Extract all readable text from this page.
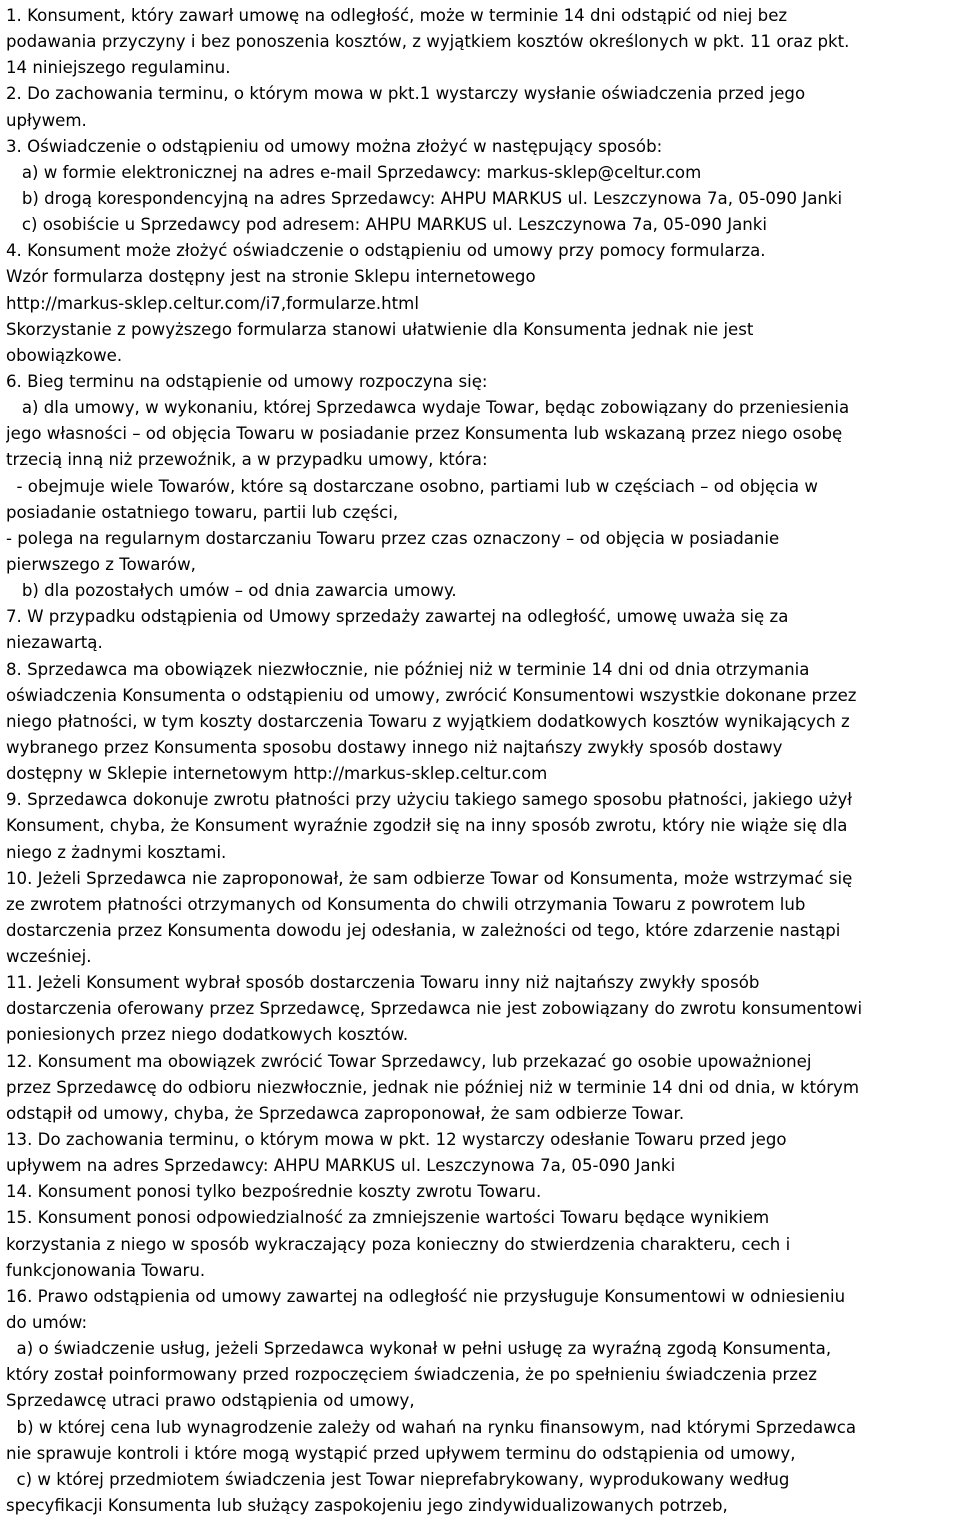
1. Konsument, który zawarł umowę na odległość, może w terminie 14 dni odstąpić od niej bez
podawania przyczyny i bez ponoszenia kosztów, z wyjątkiem kosztów określonych w pkt. 11 oraz pkt.
14 niniejszego regulaminu.
2. Do zachowania terminu, o którym mowa w pkt.1 wystarczy wysłanie oświadczenia przed jego
upływem.
3. Oświadczenie o odstąpieniu od umowy można złożyć w następujący sposób:
a) w formie elektronicznej na adres e-mail Sprzedawcy: markus-sklep@celtur.com
b) drogą korespondencyjną na adres Sprzedawcy: AHPU MARKUS ul. Leszczynowa 7a, 05-090 Janki
c) osobiście u Sprzedawcy pod adresem: AHPU MARKUS ul. Leszczynowa 7a, 05-090 Janki
4. Konsument może złożyć oświadczenie o odstąpieniu od umowy przy pomocy formularza.
Wzór formularza dostępny jest na stronie Sklepu internetowego
http://markus-sklep.celtur.com/i7,formularze.html
Skorzystanie z powyższego formularza stanowi ułatwienie dla Konsumenta jednak nie jest
obowiązkowe.
6. Bieg terminu na odstąpienie od umowy rozpoczyna się:
a) dla umowy, w wykonaniu, której Sprzedawca wydaje Towar, będąc zobowiązany do przeniesienia
jego własności – od objęcia Towaru w posiadanie przez Konsumenta lub wskazaną przez niego osobę
trzecią inną niż przewoźnik, a w przypadku umowy, która:
- obejmuje wiele Towarów, które są dostarczane osobno, partiami lub w częściach – od objęcia w
posiadanie ostatniego towaru, partii lub części,
- polega na regularnym dostarczaniu Towaru przez czas oznaczony – od objęcia w posiadanie
pierwszego z Towarów,
b) dla pozostałych umów – od dnia zawarcia umowy.
7. W przypadku odstąpienia od Umowy sprzedaży zawartej na odległość, umowę uważa się za
niezawartą.
8. Sprzedawca ma obowiązek niezwłocznie, nie później niż w terminie 14 dni od dnia otrzymania
oświadczenia Konsumenta o odstąpieniu od umowy, zwrócić Konsumentowi wszystkie dokonane przez
niego płatności, w tym koszty dostarczenia Towaru z wyjątkiem dodatkowych kosztów wynikających z
wybranego przez Konsumenta sposobu dostawy innego niż najtańszy zwykły sposób dostawy
dostępny w Sklepie internetowym http://markus-sklep.celtur.com
9. Sprzedawca dokonuje zwrotu płatności przy użyciu takiego samego sposobu płatności, jakiego użył
Konsument, chyba, że Konsument wyraźnie zgodził się na inny sposób zwrotu, który nie wiąże się dla
niego z żadnymi kosztami.
10. Jeżeli Sprzedawca nie zaproponował, że sam odbierze Towar od Konsumenta, może wstrzymać się
ze zwrotem płatności otrzymanych od Konsumenta do chwili otrzymania Towaru z powrotem lub
dostarczenia przez Konsumenta dowodu jej odesłania, w zależności od tego, które zdarzenie nastąpi
wcześniej.
11. Jeżeli Konsument wybrał sposób dostarczenia Towaru inny niż najtańszy zwykły sposób
dostarczenia oferowany przez Sprzedawcę, Sprzedawca nie jest zobowiązany do zwrotu konsumentowi
poniesionych przez niego dodatkowych kosztów.
12. Konsument ma obowiązek zwrócić Towar Sprzedawcy, lub przekazać go osobie upoważnionej
przez Sprzedawcę do odbioru niezwłocznie, jednak nie później niż w terminie 14 dni od dnia, w którym
odstąpił od umowy, chyba, że Sprzedawca zaproponował, że sam odbierze Towar.
13. Do zachowania terminu, o którym mowa w pkt. 12 wystarczy odesłanie Towaru przed jego
upływem na adres Sprzedawcy: AHPU MARKUS ul. Leszczynowa 7a, 05-090 Janki
14. Konsument ponosi tylko bezpośrednie koszty zwrotu Towaru.
15. Konsument ponosi odpowiedzialność za zmniejszenie wartości Towaru będące wynikiem
korzystania z niego w sposób wykraczający poza konieczny do stwierdzenia charakteru, cech i
funkcjonowania Towaru.
16. Prawo odstąpienia od umowy zawartej na odległość nie przysługuje Konsumentowi w odniesieniu
do umów:
a) o świadczenie usług, jeżeli Sprzedawca wykonał w pełni usługę za wyraźną zgodą Konsumenta,
który został poinformowany przed rozpoczęciem świadczenia, że po spełnieniu świadczenia przez
Sprzedawcę utraci prawo odstąpienia od umowy,
b) w której cena lub wynagrodzenie zależy od wahań na rynku finansowym, nad którymi Sprzedawca
nie sprawuje kontroli i które mogą wystąpić przed upływem terminu do odstąpienia od umowy,
c) w której przedmiotem świadczenia jest Towar nieprefabrykowany, wyprodukowany według
specyfikacji Konsumenta lub służący zaspokojeniu jego zindywidualizowanych potrzeb,
